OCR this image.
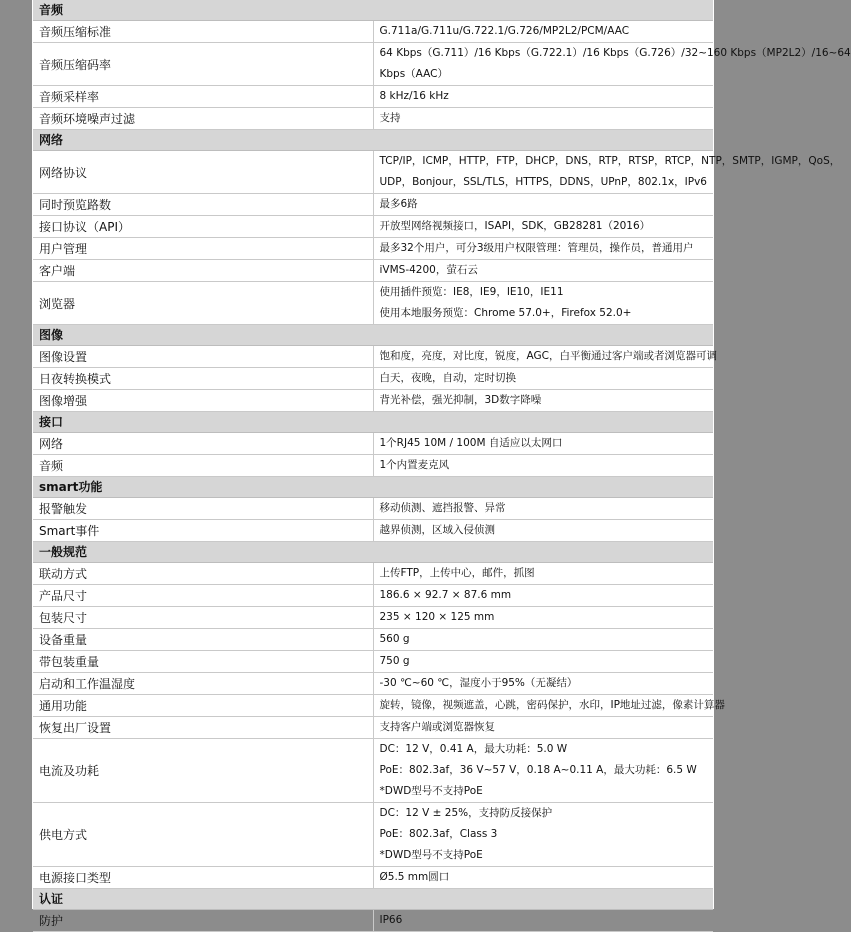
音频	
音频压缩标准	G.711a/G.711u/G.722.1/G.726/MP2L2/PCM/AAC

音频压缩码率	64 Kbps（G.711）/16 Kbps（G.722.1）/16 Kbps（G.726）/32~160 Kbps（MP2L2）/16~64
Kbps（AAC）

音频采样率	8 kHz/16 kHz

音频环境噪声过滤	支持

网络	
网络协议	TCP/IP，ICMP，HTTP，FTP，DHCP，DNS，RTP，RTSP，RTCP，NTP，SMTP，IGMP，QoS，
UDP，Bonjour，SSL/TLS，HTTPS，DDNS，UPnP，802.1x，IPv6

同时预览路数	最多6路

接口协议（API）	开放型网络视频接口，ISAPI，SDK，GB28281（2016）

用户管理	最多32个用户，可分3级用户权限管理：管理员，操作员，普通用户

客户端	iVMS-4200，萤石云

浏览器	使用插件预览：IE8，IE9，IE10，IE11
使用本地服务预览：Chrome 57.0+，Firefox 52.0+

图像	
图像设置	饱和度，亮度，对比度，锐度，AGC，白平衡通过客户端或者浏览器可调

日夜转换模式	白天，夜晚，自动，定时切换

图像增强	背光补偿，强光抑制，3D数字降噪

接口	
网络	1个RJ45 10M / 100M 自适应以太网口

音频	1个内置麦克风

smart功能	
报警触发	移动侦测、遮挡报警、异常

Smart事件	越界侦测，区域入侵侦测

一般规范	
联动方式	上传FTP，上传中心，邮件，抓图

产品尺寸	186.6 × 92.7 × 87.6 mm

包装尺寸	235 × 120 × 125 mm

设备重量	560 g

带包装重量	750 g

启动和工作温湿度	-30 ℃~60 ℃，湿度小于95%（无凝结）

通用功能	旋转，镜像，视频遮盖，心跳，密码保护，水印，IP地址过滤，像素计算器

恢复出厂设置	支持客户端或浏览器恢复

电流及功耗	DC：12 V，0.41 A，最大功耗：5.0 W
PoE：802.3af，36 V~57 V，0.18 A~0.11 A，最大功耗：6.5 W
*DWD型号不支持PoE

供电方式	DC：12 V ± 25%，支持防反接保护
PoE：802.3af，Class 3
*DWD型号不支持PoE

电源接口类型	Ø5.5 mm圆口

认证	
防护	IP66
